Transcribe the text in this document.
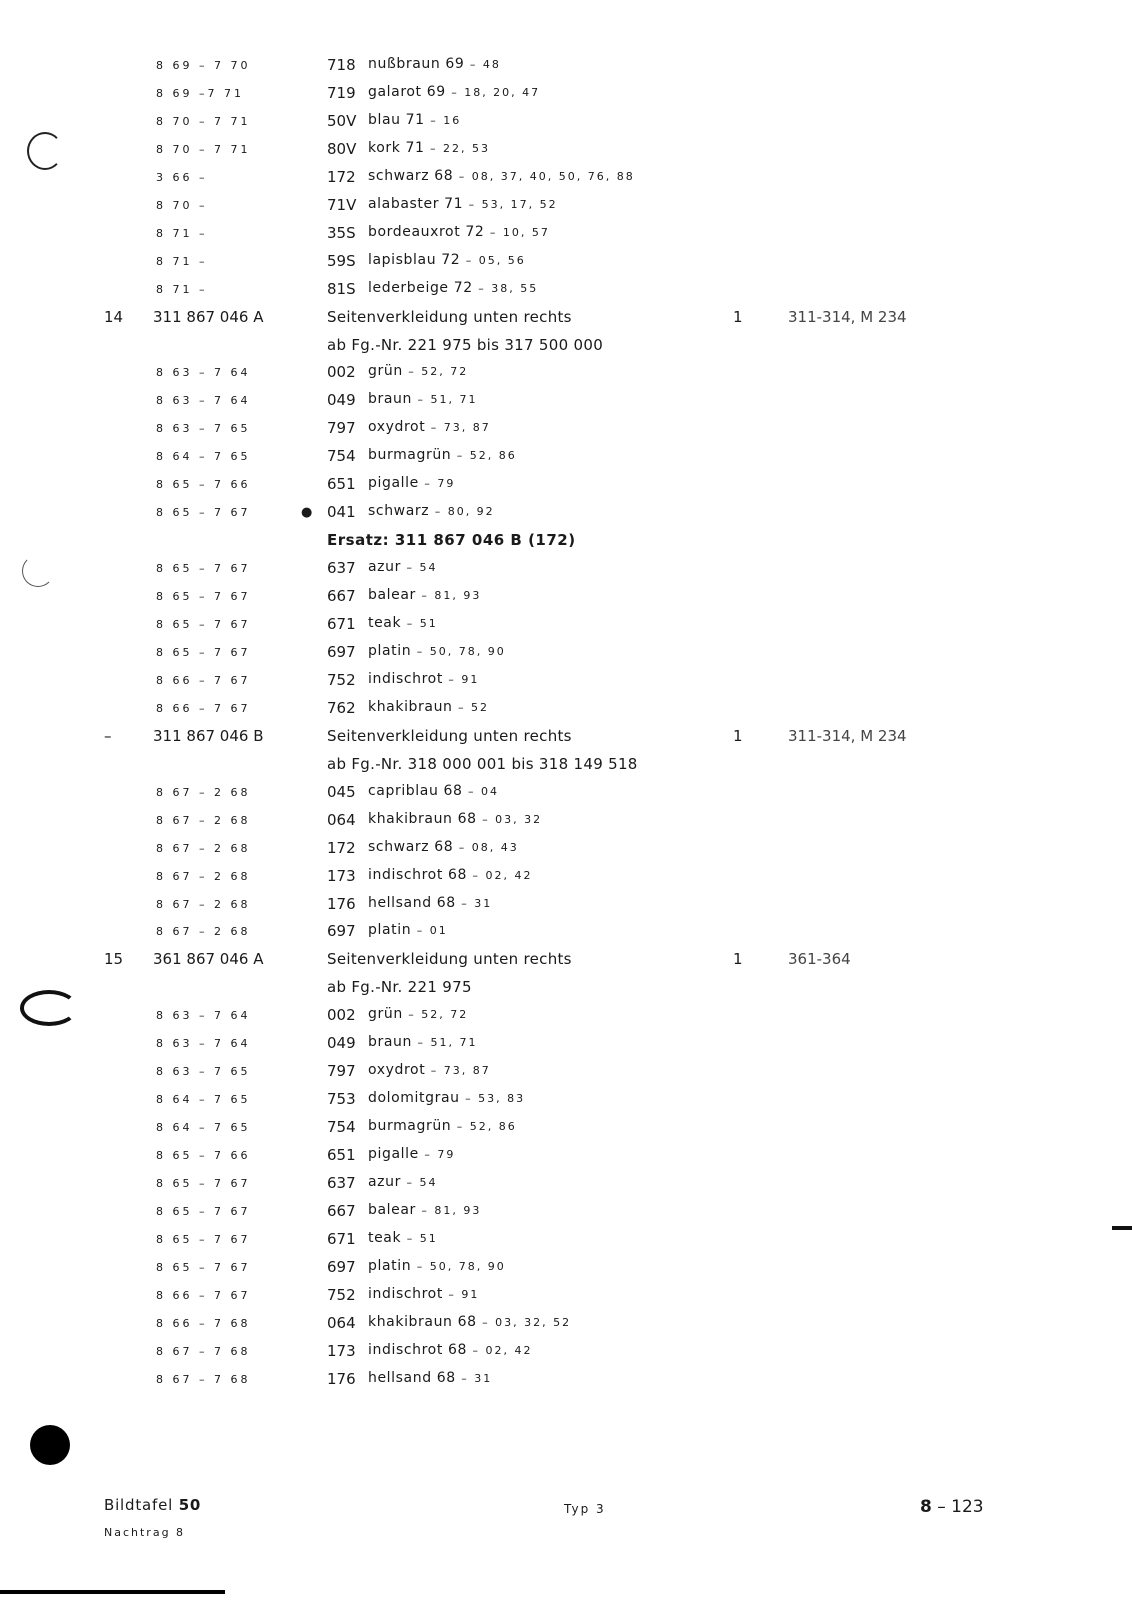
8 69 – 7 70	718 nußbraun 69 – 48
8 69 –7 71	719 galarot 69 – 18, 20, 47
8 70 – 7 71	50V blau 71 – 16
8 70 – 7 71	80V kork 71 – 22, 53
3 66 –	172 schwarz 68 – 08, 37, 40, 50, 76, 88
8 70 –	71V alabaster 71 – 53, 17, 52
8 71 –	35S bordeauxrot 72 – 10, 57
8 71 –	59S lapisblau 72 – 05, 56
8 71 –	81S lederbeige 72 – 38, 55
14 311 867 046 A	Seitenverkleidung unten rechts	1	311-314, M 234
ab Fg.-Nr. 221 975 bis 317 500 000
8 63 – 7 64	002 grün – 52, 72
8 63 – 7 64	049 braun – 51, 71
8 63 – 7 65	797 oxydrot – 73, 87
8 64 – 7 65	754 burmagrün – 52, 86
8 65 – 7 66	651 pigalle – 79
8 65 – 7 67	● 041 schwarz – 80, 92
Ersatz: 311 867 046 B (172)
8 65 – 7 67	637 azur – 54
8 65 – 7 67	667 balear – 81, 93
8 65 – 7 67	671 teak – 51
8 65 – 7 67	697 platin – 50, 78, 90
8 66 – 7 67	752 indischrot – 91
8 66 – 7 67	762 khakibraun – 52
–	311 867 046 B	Seitenverkleidung unten rechts	1	311-314, M 234
ab Fg.-Nr. 318 000 001 bis 318 149 518
8 67 – 2 68	045 capriblau 68 – 04
8 67 – 2 68	064 khakibraun 68 – 03, 32
8 67 – 2 68	172 schwarz 68 – 08, 43
8 67 – 2 68	173 indischrot 68 – 02, 42
8 67 – 2 68	176 hellsand 68 – 31
8 67 – 2 68	697 platin – 01
15 361 867 046 A	Seitenverkleidung unten rechts	1	361-364
ab Fg.-Nr. 221 975
8 63 – 7 64	002 grün – 52, 72
8 63 – 7 64	049 braun – 51, 71
8 63 – 7 65	797 oxydrot – 73, 87
8 64 – 7 65	753 dolomitgrau – 53, 83
8 64 – 7 65	754 burmagrün – 52, 86
8 65 – 7 66	651 pigalle – 79
8 65 – 7 67	637 azur – 54
8 65 – 7 67	667 balear – 81, 93
8 65 – 7 67	671 teak – 51
8 65 – 7 67	697 platin – 50, 78, 90
8 66 – 7 67	752 indischrot – 91
8 66 – 7 68	064 khakibraun 68 – 03, 32, 52
8 67 – 7 68	173 indischrot 68 – 02, 42
8 67 – 7 68	176 hellsand 68 – 31
Bildtafel 50
Nachtrag 8
Typ 3	8 – 123
